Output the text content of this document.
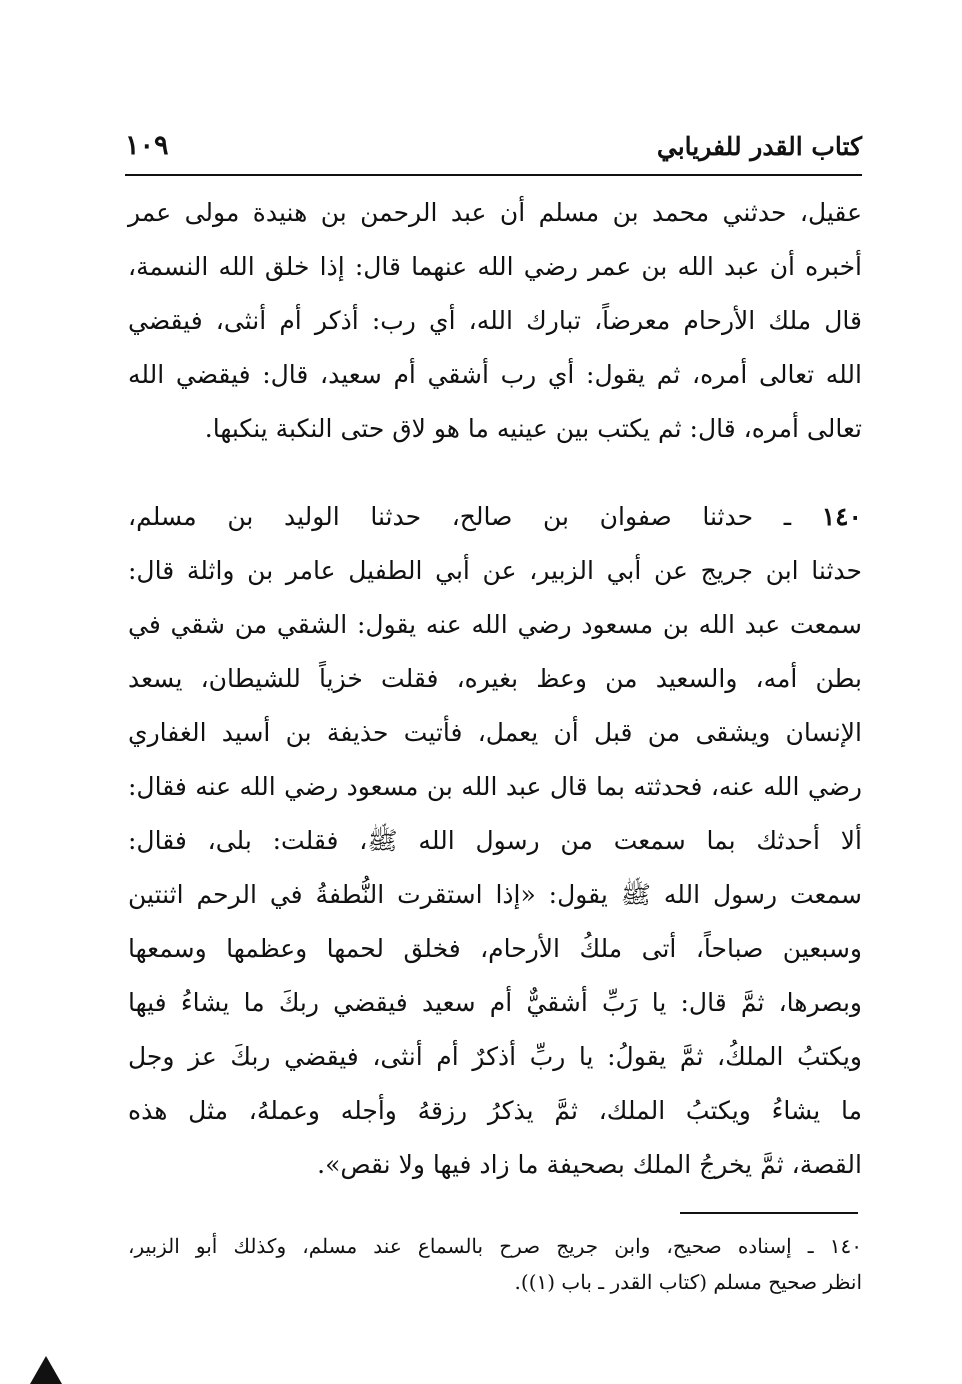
كتاب القدر للفريابي
١٠٩
عقيل، حدثني محمد بن مسلم أن عبد الرحمن بن هنيدة مولى عمر
أخبره أن عبد الله بن عمر رضي الله عنهما قال: إذا خلق الله النسمة،
قال ملك الأرحام معرضاً، تبارك الله، أي رب: أذكر أم أنثى، فيقضي
الله تعالى أمره، ثم يقول: أي رب أشقي أم سعيد، قال: فيقضي الله
تعالى أمره، قال: ثم يكتب بين عينيه ما هو لاق حتى النكبة ينكبها.
١٤٠ ـ حدثنا صفوان بن صالح، حدثنا الوليد بن مسلم،
حدثنا ابن جريج عن أبي الزبير، عن أبي الطفيل عامر بن واثلة قال:
سمعت عبد الله بن مسعود رضي الله عنه يقول: الشقي من شقي في
بطن أمه، والسعيد من وعظ بغيره، فقلت خزياً للشيطان، يسعد
الإنسان ويشقى من قبل أن يعمل، فأتيت حذيفة بن أسيد الغفاري
رضي الله عنه، فحدثته بما قال عبد الله بن مسعود رضي الله عنه فقال:
ألا أحدثك بما سمعت من رسول الله ﷺ، فقلت: بلى، فقال:
سمعت رسول الله ﷺ يقول: «إذا استقرت النُّطفةُ في الرحم اثنتين
وسبعين صباحاً، أتى ملكُ الأرحام، فخلق لحمها وعظمها وسمعها
وبصرها، ثمَّ قال: يا رَبِّ أشقيٌّ أم سعيد فيقضي ربكَ ما يشاءُ فيها
ويكتبُ الملكُ، ثمَّ يقولُ: يا ربِّ أذكرٌ أم أنثى، فيقضي ربكَ عز وجل
ما يشاءُ ويكتبُ الملك، ثمَّ يذكرُ رزقهُ وأجله وعملهُ، مثل هذه
القصة، ثمَّ يخرجُ الملك بصحيفة ما زاد فيها ولا نقص».
١٤٠ ـ إسناده صحيح، وابن جريج صرح بالسماع عند مسلم، وكذلك أبو الزبير،
انظر صحيح مسلم (كتاب القدر ـ باب (١)).
